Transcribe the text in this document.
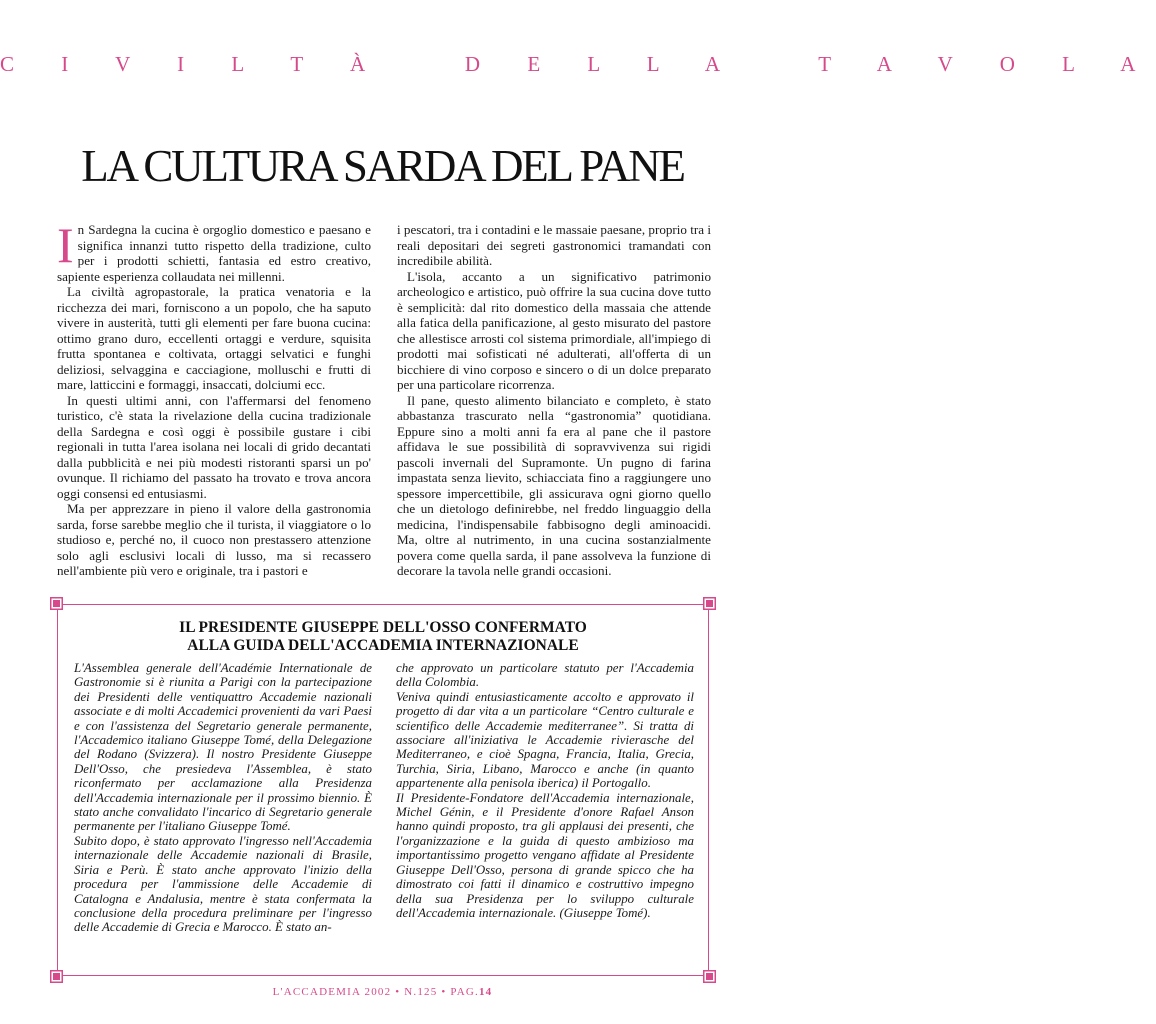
C I V I L T À   D E L L A   T A V O L A
LA CULTURA SARDA DEL PANE

In Sardegna la cucina è orgoglio domestico e paesano e significa innanzi tutto rispetto della tradizione, culto per i prodotti schietti, fantasia ed estro creativo, sapiente esperienza collaudata nei millenni.

La civiltà agropastorale, la pratica venatoria e la ricchezza dei mari, forniscono a un popolo, che ha saputo vivere in austerità, tutti gli elementi per fare buona cucina: ottimo grano duro, eccellenti ortaggi e verdure, squisita frutta spontanea e coltivata, ortaggi selvatici e funghi deliziosi, selvaggina e cacciagione, molluschi e frutti di mare, latticcini e formaggi, insaccati, dolciumi ecc.

In questi ultimi anni, con l'affermarsi del fenomeno turistico, c'è stata la rivelazione della cucina tradizionale della Sardegna e così oggi è possibile gustare i cibi regionali in tutta l'area isolana nei locali di grido decantati dalla pubblicità e nei più modesti ristoranti sparsi un po' ovunque. Il richiamo del passato ha trovato e trova ancora oggi consensi ed entusiasmi.

Ma per apprezzare in pieno il valore della gastronomia sarda, forse sarebbe meglio che il turista, il viaggiatore o lo studioso e, perché no, il cuoco non prestassero attenzione solo agli esclusivi locali di lusso, ma si recassero nell'ambiente più vero e originale, tra i pastori e

i pescatori, tra i contadini e le massaie paesane, proprio tra i reali depositari dei segreti gastronomici tramandati con incredibile abilità.

L'isola, accanto a un significativo patrimonio archeologico e artistico, può offrire la sua cucina dove tutto è semplicità: dal rito domestico della massaia che attende alla fatica della panificazione, al gesto misurato del pastore che allestisce arrosti col sistema primordiale, all'impiego di prodotti mai sofisticati né adulterati, all'offerta di un bicchiere di vino corposo e sincero o di un dolce preparato per una particolare ricorrenza.

Il pane, questo alimento bilanciato e completo, è stato abbastanza trascurato nella “gastronomia” quotidiana. Eppure sino a molti anni fa era al pane che il pastore affidava le sue possibilità di sopravvivenza sui rigidi pascoli invernali del Supramonte. Un pugno di farina impastata senza lievito, schiacciata fino a raggiungere uno spessore impercettibile, gli assicurava ogni giorno quello che un dietologo definirebbe, nel freddo linguaggio della medicina, l'indispensabile fabbisogno degli aminoacidi. Ma, oltre al nutrimento, in una cucina sostanzialmente povera come quella sarda, il pane assolveva la funzione di decorare la tavola nelle grandi occasioni.

IL PRESIDENTE GIUSEPPE DELL'OSSO CONFERMATO
ALLA GUIDA DELL'ACCADEMIA INTERNAZIONALE

L'Assemblea generale dell'Académie Internationale de Gastronomie si è riunita a Parigi con la partecipazione dei Presidenti delle ventiquattro Accademie nazionali associate e di molti Accademici provenienti da vari Paesi e con l'assistenza del Segretario generale permanente, l'Accademico italiano Giuseppe Tomé, della Delegazione del Rodano (Svizzera). Il nostro Presidente Giuseppe Dell'Osso, che presiedeva l'Assemblea, è stato riconfermato per acclamazione alla Presidenza dell'Accademia internazionale per il prossimo biennio. È stato anche convalidato l'incarico di Segretario generale permanente per l'italiano Giuseppe Tomé.

Subito dopo, è stato approvato l'ingresso nell'Accademia internazionale delle Accademie nazionali di Brasile, Siria e Perù. È stato anche approvato l'inizio della procedura per l'ammissione delle Accademie di Catalogna e Andalusia, mentre è stata confermata la conclusione della procedura preliminare per l'ingresso delle Accademie di Grecia e Marocco. È stato an-

che approvato un particolare statuto per l'Accademia della Colombia.

Veniva quindi entusiasticamente accolto e approvato il progetto di dar vita a un particolare “Centro culturale e scientifico delle Accademie mediterranee”. Si tratta di associare all'iniziativa le Accademie rivierasche del Mediterraneo, e cioè Spagna, Francia, Italia, Grecia, Turchia, Siria, Libano, Marocco e anche (in quanto appartenente alla penisola iberica) il Portogallo.

Il Presidente-Fondatore dell'Accademia internazionale, Michel Génin, e il Presidente d'onore Rafael Anson hanno quindi proposto, tra gli applausi dei presenti, che l'organizzazione e la guida di questo ambizioso ma importantissimo progetto vengano affidate al Presidente Giuseppe Dell'Osso, persona di grande spicco che ha dimostrato coi fatti il dinamico e costruttivo impegno della sua Presidenza per lo sviluppo culturale dell'Accademia internazionale. (Giuseppe Tomé).

L'ACCADEMIA 2002 • N.125 • PAG.14
